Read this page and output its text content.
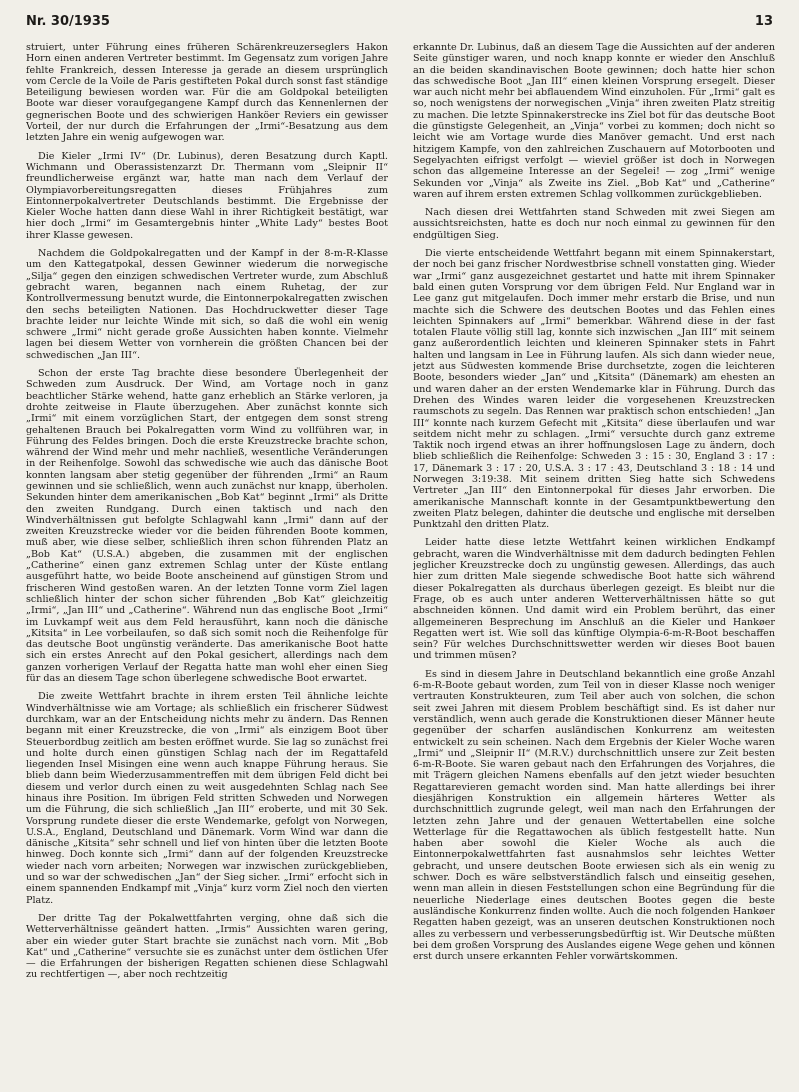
Nr. 30/1935	13

struiert, unter Führung eines früheren Schärenkreuzerseglers Hakon Horn einen anderen Vertreter bestimmt. Im Gegensatz zum vorigen Jahre fehlte Frankreich, dessen Interesse ja gerade an diesem ursprünglich vom Cercle de la Voile de Paris gestifteten Pokal durch sonst fast ständige Beteiligung bewiesen worden war. Für die am Goldpokal beteiligten Boote war dieser voraufgegangene Kampf durch das Kennenlernen der gegnerischen Boote und des schwierigen Hanköer Reviers ein gewisser Vorteil, der nur durch die Erfahrungen der „Irmi“-Besatzung aus dem letzten Jahre ein wenig aufgewogen war.

Die Kieler „Irmi IV“ (Dr. Lubinus), deren Besatzung durch Kaptl. Wichmann und Oberassistenzarzt Dr. Thermann vom „Sleipnir II“ freundlicherweise ergänzt war, hatte man nach dem Verlauf der Olympiavorbereitungsregatten dieses Frühjahres zum Eintonnerpokalvertreter Deutschlands bestimmt. Die Ergebnisse der Kieler Woche hatten dann diese Wahl in ihrer Richtigkeit bestätigt, war hier doch „Irmi“ im Gesamtergebnis hinter „White Lady“ bestes Boot ihrer Klasse gewesen.

Nachdem die Goldpokalregatten und der Kampf in der 8-m-R-Klasse um den Kattegatpokal, dessen Gewinner wiederum die norwegische „Silja“ gegen den einzigen schwedischen Vertreter wurde, zum Abschluß gebracht waren, begannen nach einem Ruhetag, der zur Kontrollvermessung benutzt wurde, die Eintonnerpokalregatten zwischen den sechs beteiligten Nationen. Das Hochdruckwetter dieser Tage brachte leider nur leichte Winde mit sich, so daß die wohl ein wenig schwere „Irmi“ nicht gerade große Aussichten haben konnte. Vielmehr lagen bei diesem Wetter von vornherein die größten Chancen bei der schwedischen „Jan III“.

Schon der erste Tag brachte diese besondere Überlegenheit der Schweden zum Ausdruck. Der Wind, am Vortage noch in ganz beachtlicher Stärke wehend, hatte ganz erheblich an Stärke verloren, ja drohte zeitweise in Flaute überzugehen. Aber zunächst konnte sich „Irmi“ mit einem vorzüglichen Start, der entgegen dem sonst streng gehaltenen Brauch bei Pokalregatten vorm Wind zu vollführen war, in Führung des Feldes bringen. Doch die erste Kreuzstrecke brachte schon, während der Wind mehr und mehr nachließ, wesentliche Veränderungen in der Reihenfolge. Sowohl das schwedische wie auch das dänische Boot konnten langsam aber stetig gegenüber der führenden „Irmi“ an Raum gewinnen und sie schließlich, wenn auch zunächst nur knapp, überholen. Sekunden hinter dem amerikanischen „Bob Kat“ beginnt „Irmi“ als Dritte den zweiten Rundgang. Durch einen taktisch und nach den Windverhältnissen gut befolgte Schlagwahl kann „Irmi“ dann auf der zweiten Kreuzstrecke wieder vor die beiden führenden Boote kommen, muß aber, wie diese selber, schließlich ihren schon führenden Platz an „Bob Kat“ (U.S.A.) abgeben, die zusammen mit der englischen „Catherine“ einen ganz extremen Schlag unter der Küste entlang ausgeführt hatte, wo beide Boote anscheinend auf günstigen Strom und frischeren Wind gestoßen waren. An der letzten Tonne vorm Ziel lagen schließlich hinter der schon sicher führenden „Bob Kat“ gleichzeitig „Irmi“, „Jan III“ und „Catherine“. Während nun das englische Boot „Irmi“ im Luvkampf weit aus dem Feld herausführt, kann noch die dänische „Kitsita“ in Lee vorbeilaufen, so daß sich somit noch die Reihenfolge für das deutsche Boot ungünstig veränderte. Das amerikanische Boot hatte sich ein erstes Anrecht auf den Pokal gesichert, allerdings nach dem ganzen vorherigen Verlauf der Regatta hatte man wohl eher einen Sieg für das an diesem Tage schon überlegene schwedische Boot erwartet.

Die zweite Wettfahrt brachte in ihrem ersten Teil ähnliche leichte Windverhältnisse wie am Vortage; als schließlich ein frischerer Südwest durchkam, war an der Entscheidung nichts mehr zu ändern. Das Rennen begann mit einer Kreuzstrecke, die von „Irmi“ als einzigem Boot über Steuerbordbug zeitlich am besten eröffnet wurde. Sie lag so zunächst frei und holte durch einen günstigen Schlag nach der im Regattafeld liegenden Insel Misingen eine wenn auch knappe Führung heraus. Sie blieb dann beim Wiederzusammentreffen mit dem übrigen Feld dicht bei diesem und verlor durch einen zu weit ausgedehnten Schlag nach See hinaus ihre Position. Im übrigen Feld stritten Schweden und Norwegen um die Führung, die sich schließlich „Jan III“ eroberte, und mit 30 Sek. Vorsprung rundete dieser die erste Wendemarke, gefolgt von Norwegen, U.S.A., England, Deutschland und Dänemark. Vorm Wind war dann die dänische „Kitsita“ sehr schnell und lief von hinten über die letzten Boote hinweg. Doch konnte sich „Irmi“ dann auf der folgenden Kreuzstrecke wieder nach vorn arbeiten; Norwegen war inzwischen zurückgeblieben, und so war der schwedischen „Jan“ der Sieg sicher. „Irmi“ erfocht sich in einem spannenden Endkampf mit „Vinja“ kurz vorm Ziel noch den vierten Platz.

Der dritte Tag der Pokalwettfahrten verging, ohne daß sich die Wetterverhältnisse geändert hatten. „Irmis“ Aussichten waren gering, aber ein wieder guter Start brachte sie zunächst nach vorn. Mit „Bob Kat“ und „Catherine“ versuchte sie es zunächst unter dem östlichen Ufer — die Erfahrungen der bisherigen Regatten schienen diese Schlagwahl zu rechtfertigen —, aber noch rechtzeitig

erkannte Dr. Lubinus, daß an diesem Tage die Aussichten auf der anderen Seite günstiger waren, und noch knapp konnte er wieder den Anschluß an die beiden skandinavischen Boote gewinnen; doch hatte hier schon das schwedische Boot „Jan III“ einen kleinen Vorsprung ersegelt. Dieser war auch nicht mehr bei abflauendem Wind einzuholen. Für „Irmi“ galt es so, noch wenigstens der norwegischen „Vinja“ ihren zweiten Platz streitig zu machen. Die letzte Spinnakerstrecke ins Ziel bot für das deutsche Boot die günstigste Gelegenheit, an „Vinja“ vorbei zu kommen; doch nicht so leicht wie am Vortage wurde dies Manöver gemacht. Und erst nach hitzigem Kampfe, von den zahlreichen Zuschauern auf Motorbooten und Segelyachten eifrigst verfolgt — wieviel größer ist doch in Norwegen schon das allgemeine Interesse an der Segelei! — zog „Irmi“ wenige Sekunden vor „Vinja“ als Zweite ins Ziel. „Bob Kat“ und „Catherine“ waren auf ihrem ersten extremen Schlag vollkommen zurückgeblieben.

Nach diesen drei Wettfahrten stand Schweden mit zwei Siegen am aussichtsreichsten, hatte es doch nur noch einmal zu gewinnen für den endgültigen Sieg.

Die vierte entscheidende Wettfahrt begann mit einem Spinnakerstart, der noch bei ganz frischer Nordwestbrise schnell vonstatten ging. Wieder war „Irmi“ ganz ausgezeichnet gestartet und hatte mit ihrem Spinnaker bald einen guten Vorsprung vor dem übrigen Feld. Nur England war in Lee ganz gut mitgelaufen. Doch immer mehr erstarb die Brise, und nun machte sich die Schwere des deutschen Bootes und das Fehlen eines leichten Spinnakers auf „Irmi“ bemerkbar. Während diese in der fast totalen Flaute völlig still lag, konnte sich inzwischen „Jan III“ mit seinem ganz außerordentlich leichten und kleineren Spinnaker stets in Fahrt halten und langsam in Lee in Führung laufen. Als sich dann wieder neue, jetzt aus Südwesten kommende Brise durchsetzte, zogen die leichteren Boote, besonders wieder „Jan“ und „Kitsita“ (Dänemark) am ehesten an und waren daher an der ersten Wendemarke klar in Führung. Durch das Drehen des Windes waren leider die vorgesehenen Kreuzstrecken raumschots zu segeln. Das Rennen war praktisch schon entschieden! „Jan III“ konnte nach kurzem Gefecht mit „Kitsita“ diese überlaufen und war seitdem nicht mehr zu schlagen. „Irmi“ versuchte durch ganz extreme Taktik noch irgend etwas an ihrer hoffnungslosen Lage zu ändern, doch blieb schließlich die Reihenfolge: Schweden 3 : 15 : 30, England 3 : 17 : 17, Dänemark 3 : 17 : 20, U.S.A. 3 : 17 : 43, Deutschland 3 : 18 : 14 und Norwegen 3:19:38. Mit seinem dritten Sieg hatte sich Schwedens Vertreter „Jan III“ den Eintonnerpokal für dieses Jahr erworben. Die amerikanische Mannschaft konnte in der Gesamtpunktbewertung den zweiten Platz belegen, dahinter die deutsche und englische mit derselben Punktzahl den dritten Platz.

Leider hatte diese letzte Wettfahrt keinen wirklichen Endkampf gebracht, waren die Windverhältnisse mit dem dadurch bedingten Fehlen jeglicher Kreuzstrecke doch zu ungünstig gewesen. Allerdings, das auch hier zum dritten Male siegende schwedische Boot hatte sich während dieser Pokalregatten als durchaus überlegen gezeigt. Es bleibt nur die Frage, ob es auch unter anderen Wetterverhältnissen hätte so gut abschneiden können. Und damit wird ein Problem berührt, das einer allgemeineren Besprechung im Anschluß an die Kieler und Hankøer Regatten wert ist. Wie soll das künftige Olympia-6-m-R-Boot beschaffen sein? Für welches Durchschnittswetter werden wir dieses Boot bauen und trimmen müsen?

Es sind in diesem Jahre in Deutschland bekanntlich eine große Anzahl 6-m-R-Boote gebaut worden, zum Teil von in dieser Klasse noch weniger vertrauten Konstrukteuren, zum Teil aber auch von solchen, die schon seit zwei Jahren mit diesem Problem beschäftigt sind. Es ist daher nur verständlich, wenn auch gerade die Konstruktionen dieser Männer heute gegenüber der scharfen ausländischen Konkurrenz am weitesten entwickelt zu sein scheinen. Nach dem Ergebnis der Kieler Woche waren „Irmi“ und „Sleipnir II“ (M.R.V.) durchschnittlich unsere zur Zeit besten 6-m-R-Boote. Sie waren gebaut nach den Erfahrungen des Vorjahres, die mit Trägern gleichen Namens ebenfalls auf den jetzt wieder besuchten Regattarevieren gemacht worden sind. Man hatte allerdings bei ihrer diesjährigen Konstruktion ein allgemein härteres Wetter als durchschnittlich zugrunde gelegt, weil man nach den Erfahrungen der letzten zehn Jahre und der genauen Wettertabellen eine solche Wetterlage für die Regattawochen als üblich festgestellt hatte. Nun haben aber sowohl die Kieler Woche als auch die Eintonnerpokalwettfahrten fast ausnahmslos sehr leichtes Wetter gebracht, und unsere deutschen Boote erwiesen sich als ein wenig zu schwer. Doch es wäre selbstverständlich falsch und einseitig gesehen, wenn man allein in diesen Feststellungen schon eine Begründung für die neuerliche Niederlage eines deutschen Bootes gegen die beste ausländische Konkurrenz finden wollte. Auch die noch folgenden Hankøer Regatten haben gezeigt, was an unseren deutschen Konstruktionen noch alles zu verbessern und verbesserungsbedürftig ist. Wir Deutsche müßten bei dem großen Vorsprung des Auslandes eigene Wege gehen und können erst durch unsere erkannten Fehler vorwärtskommen.
